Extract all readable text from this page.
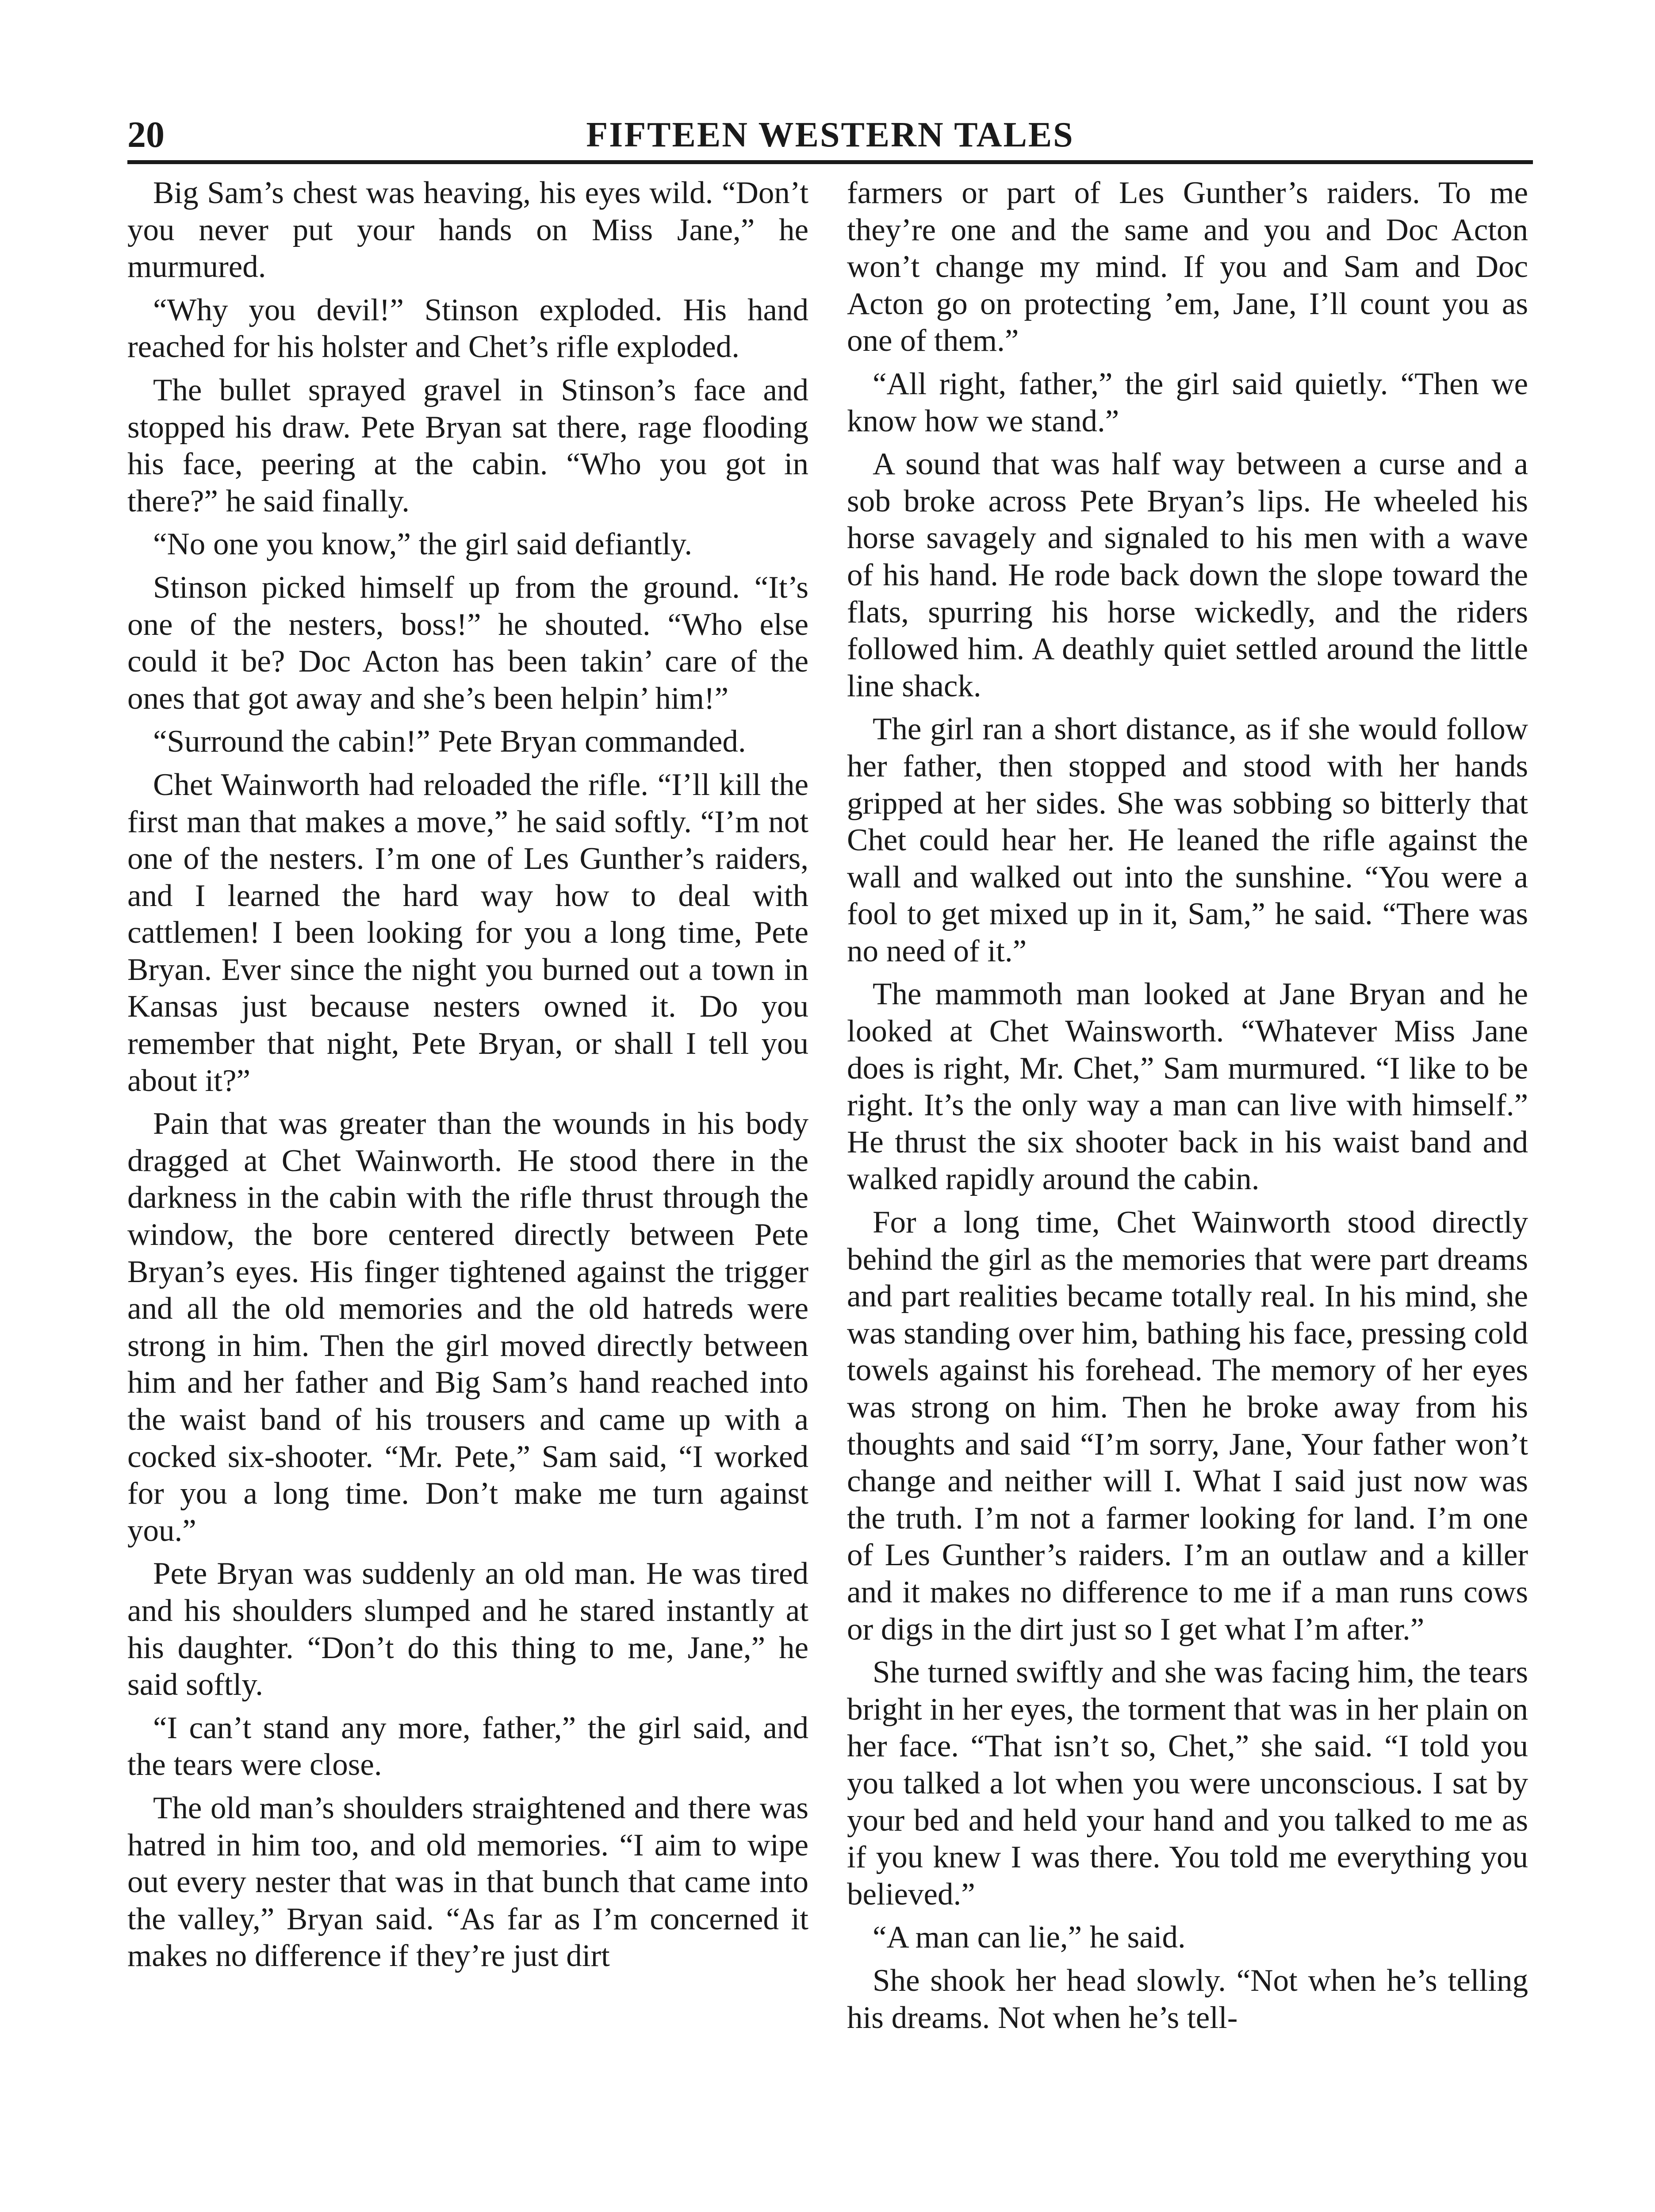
20	FIFTEEN WESTERN TALES

Big Sam’s chest was heaving, his eyes wild. “Don’t you never put your hands on Miss Jane,” he murmured.

“Why you devil!” Stinson exploded. His hand reached for his holster and Chet’s rifle exploded.

The bullet sprayed gravel in Stinson’s face and stopped his draw. Pete Bryan sat there, rage flooding his face, peering at the cabin. “Who you got in there?” he said finally.

“No one you know,” the girl said defiantly.

Stinson picked himself up from the ground. “It’s one of the nesters, boss!” he shouted. “Who else could it be? Doc Acton has been takin’ care of the ones that got away and she’s been helpin’ him!”

“Surround the cabin!” Pete Bryan commanded.

Chet Wainworth had reloaded the rifle. “I’ll kill the first man that makes a move,” he said softly. “I’m not one of the nesters. I’m one of Les Gunther’s raiders, and I learned the hard way how to deal with cattlemen! I been looking for you a long time, Pete Bryan. Ever since the night you burned out a town in Kansas just because nesters owned it. Do you remember that night, Pete Bryan, or shall I tell you about it?”

Pain that was greater than the wounds in his body dragged at Chet Wainworth. He stood there in the darkness in the cabin with the rifle thrust through the window, the bore centered directly between Pete Bryan’s eyes. His finger tightened against the trigger and all the old memories and the old hatreds were strong in him. Then the girl moved directly between him and her father and Big Sam’s hand reached into the waist band of his trousers and came up with a cocked six-shooter. “Mr. Pete,” Sam said, “I worked for you a long time. Don’t make me turn against you.”

Pete Bryan was suddenly an old man. He was tired and his shoulders slumped and he stared instantly at his daughter. “Don’t do this thing to me, Jane,” he said softly.

“I can’t stand any more, father,” the girl said, and the tears were close.

The old man’s shoulders straightened and there was hatred in him too, and old memories. “I aim to wipe out every nester that was in that bunch that came into the valley,” Bryan said. “As far as I’m concerned it makes no difference if they’re just dirt

farmers or part of Les Gunther’s raiders. To me they’re one and the same and you and Doc Acton won’t change my mind. If you and Sam and Doc Acton go on protecting ’em, Jane, I’ll count you as one of them.”

“All right, father,” the girl said quietly. “Then we know how we stand.”

A sound that was half way between a curse and a sob broke across Pete Bryan’s lips. He wheeled his horse savagely and signaled to his men with a wave of his hand. He rode back down the slope toward the flats, spurring his horse wickedly, and the riders followed him. A deathly quiet settled around the little line shack.

The girl ran a short distance, as if she would follow her father, then stopped and stood with her hands gripped at her sides. She was sobbing so bitterly that Chet could hear her. He leaned the rifle against the wall and walked out into the sunshine. “You were a fool to get mixed up in it, Sam,” he said. “There was no need of it.”

The mammoth man looked at Jane Bryan and he looked at Chet Wainsworth. “Whatever Miss Jane does is right, Mr. Chet,” Sam murmured. “I like to be right. It’s the only way a man can live with himself.” He thrust the six shooter back in his waist band and walked rapidly around the cabin.

For a long time, Chet Wainworth stood directly behind the girl as the memories that were part dreams and part realities became totally real. In his mind, she was standing over him, bathing his face, pressing cold towels against his forehead. The memory of her eyes was strong on him. Then he broke away from his thoughts and said “I’m sorry, Jane, Your father won’t change and neither will I. What I said just now was the truth. I’m not a farmer looking for land. I’m one of Les Gunther’s raiders. I’m an outlaw and a killer and it makes no difference to me if a man runs cows or digs in the dirt just so I get what I’m after.”

She turned swiftly and she was facing him, the tears bright in her eyes, the torment that was in her plain on her face. “That isn’t so, Chet,” she said. “I told you you talked a lot when you were unconscious. I sat by your bed and held your hand and you talked to me as if you knew I was there. You told me everything you believed.”

“A man can lie,” he said.

She shook her head slowly. “Not when he’s telling his dreams. Not when he’s tell-
